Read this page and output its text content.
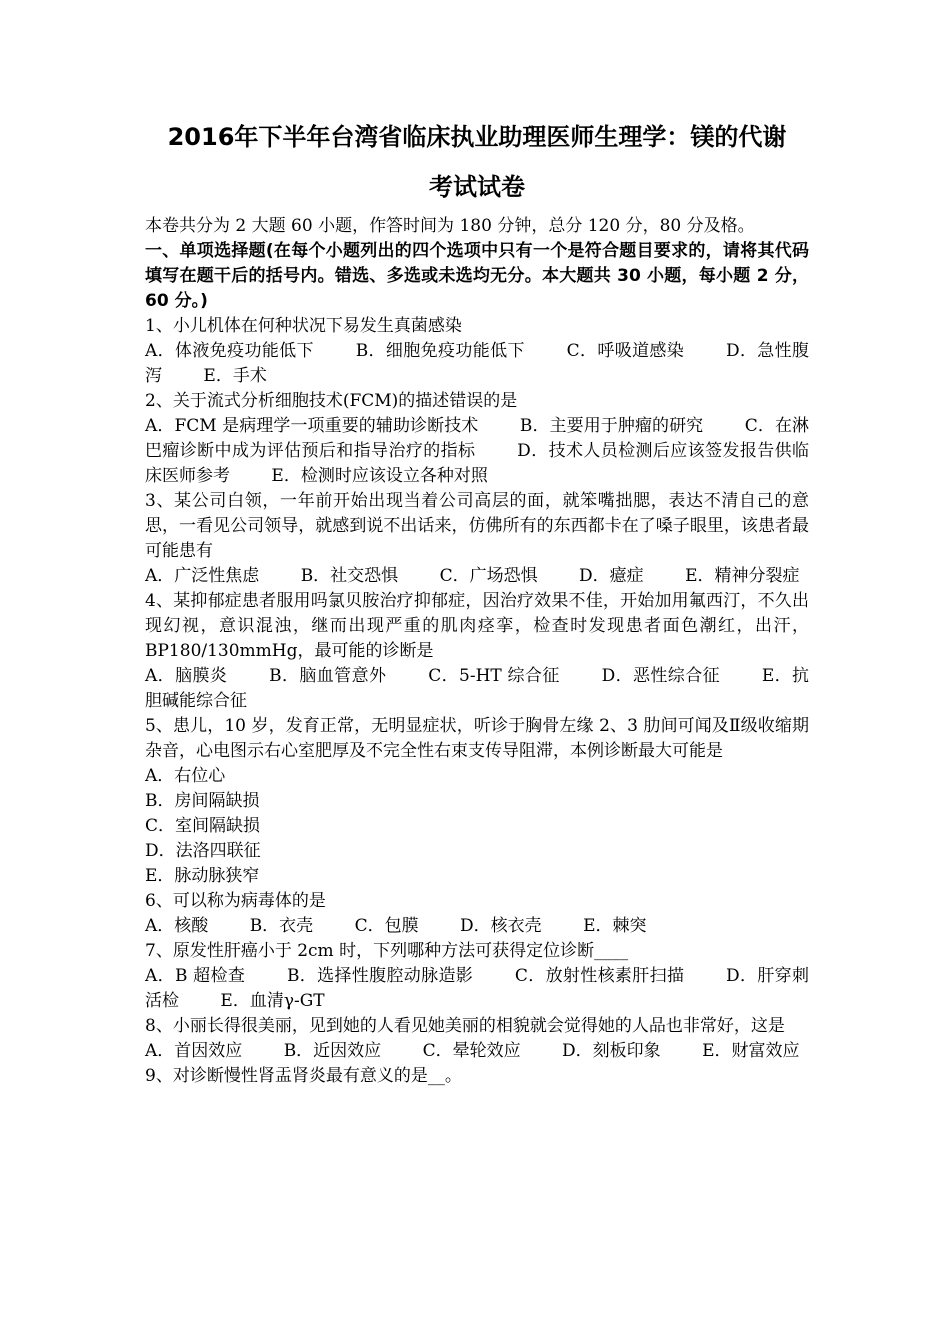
2016年下半年台湾省临床执业助理医师生理学：镁的代谢
考试试卷
本卷共分为 2 大题 60 小题，作答时间为 180 分钟，总分 120 分，80 分及格。
一、单项选择题(在每个小题列出的四个选项中只有一个是符合题目要求的，请将其代码填写在题干后的括号内。错选、多选或未选均无分。本大题共 30 小题，每小题 2 分，60 分。)
1、小儿机体在何种状况下易发生真菌感染
A．体液免疫功能低下 B．细胞免疫功能低下 C．呼吸道感染 D．急性腹泻 E．手术
2、关于流式分析细胞技术(FCM)的描述错误的是
A．FCM 是病理学一项重要的辅助诊断技术 B．主要用于肿瘤的研究 C．在淋巴瘤诊断中成为评估预后和指导治疗的指标 D．技术人员检测后应该签发报告供临床医师参考 E．检测时应该设立各种对照
3、某公司白领，一年前开始出现当着公司高层的面，就笨嘴拙腮，表达不清自己的意思，一看见公司领导，就感到说不出话来，仿佛所有的东西都卡在了嗓子眼里，该患者最可能患有
A．广泛性焦虑 B．社交恐惧 C．广场恐惧 D．癔症 E．精神分裂症
4、某抑郁症患者服用吗氯贝胺治疗抑郁症，因治疗效果不佳，开始加用氟西汀，不久出现幻视，意识混浊，继而出现严重的肌肉痉挛，检查时发现患者面色潮红，出汗，BP180/130mmHg，最可能的诊断是
A．脑膜炎 B．脑血管意外 C．5-HT 综合征 D．恶性综合征 E．抗胆碱能综合征
5、患儿，10 岁，发育正常，无明显症状，听诊于胸骨左缘 2、3 肋间可闻及Ⅱ级收缩期杂音，心电图示右心室肥厚及不完全性右束支传导阻滞，本例诊断最大可能是
A．右位心
B．房间隔缺损
C．室间隔缺损
D．法洛四联征
E．脉动脉狭窄
6、可以称为病毒体的是
A．核酸 B．衣壳 C．包膜 D．核衣壳 E．棘突
7、原发性肝癌小于 2cm 时，下列哪种方法可获得定位诊断____
A．B 超检查 B．选择性腹腔动脉造影 C．放射性核素肝扫描 D．肝穿刺活检 E．血清γ-GT
8、小丽长得很美丽，见到她的人看见她美丽的相貌就会觉得她的人品也非常好，这是
A．首因效应 B．近因效应 C．晕轮效应 D．刻板印象 E．财富效应
9、对诊断慢性肾盂肾炎最有意义的是__。
